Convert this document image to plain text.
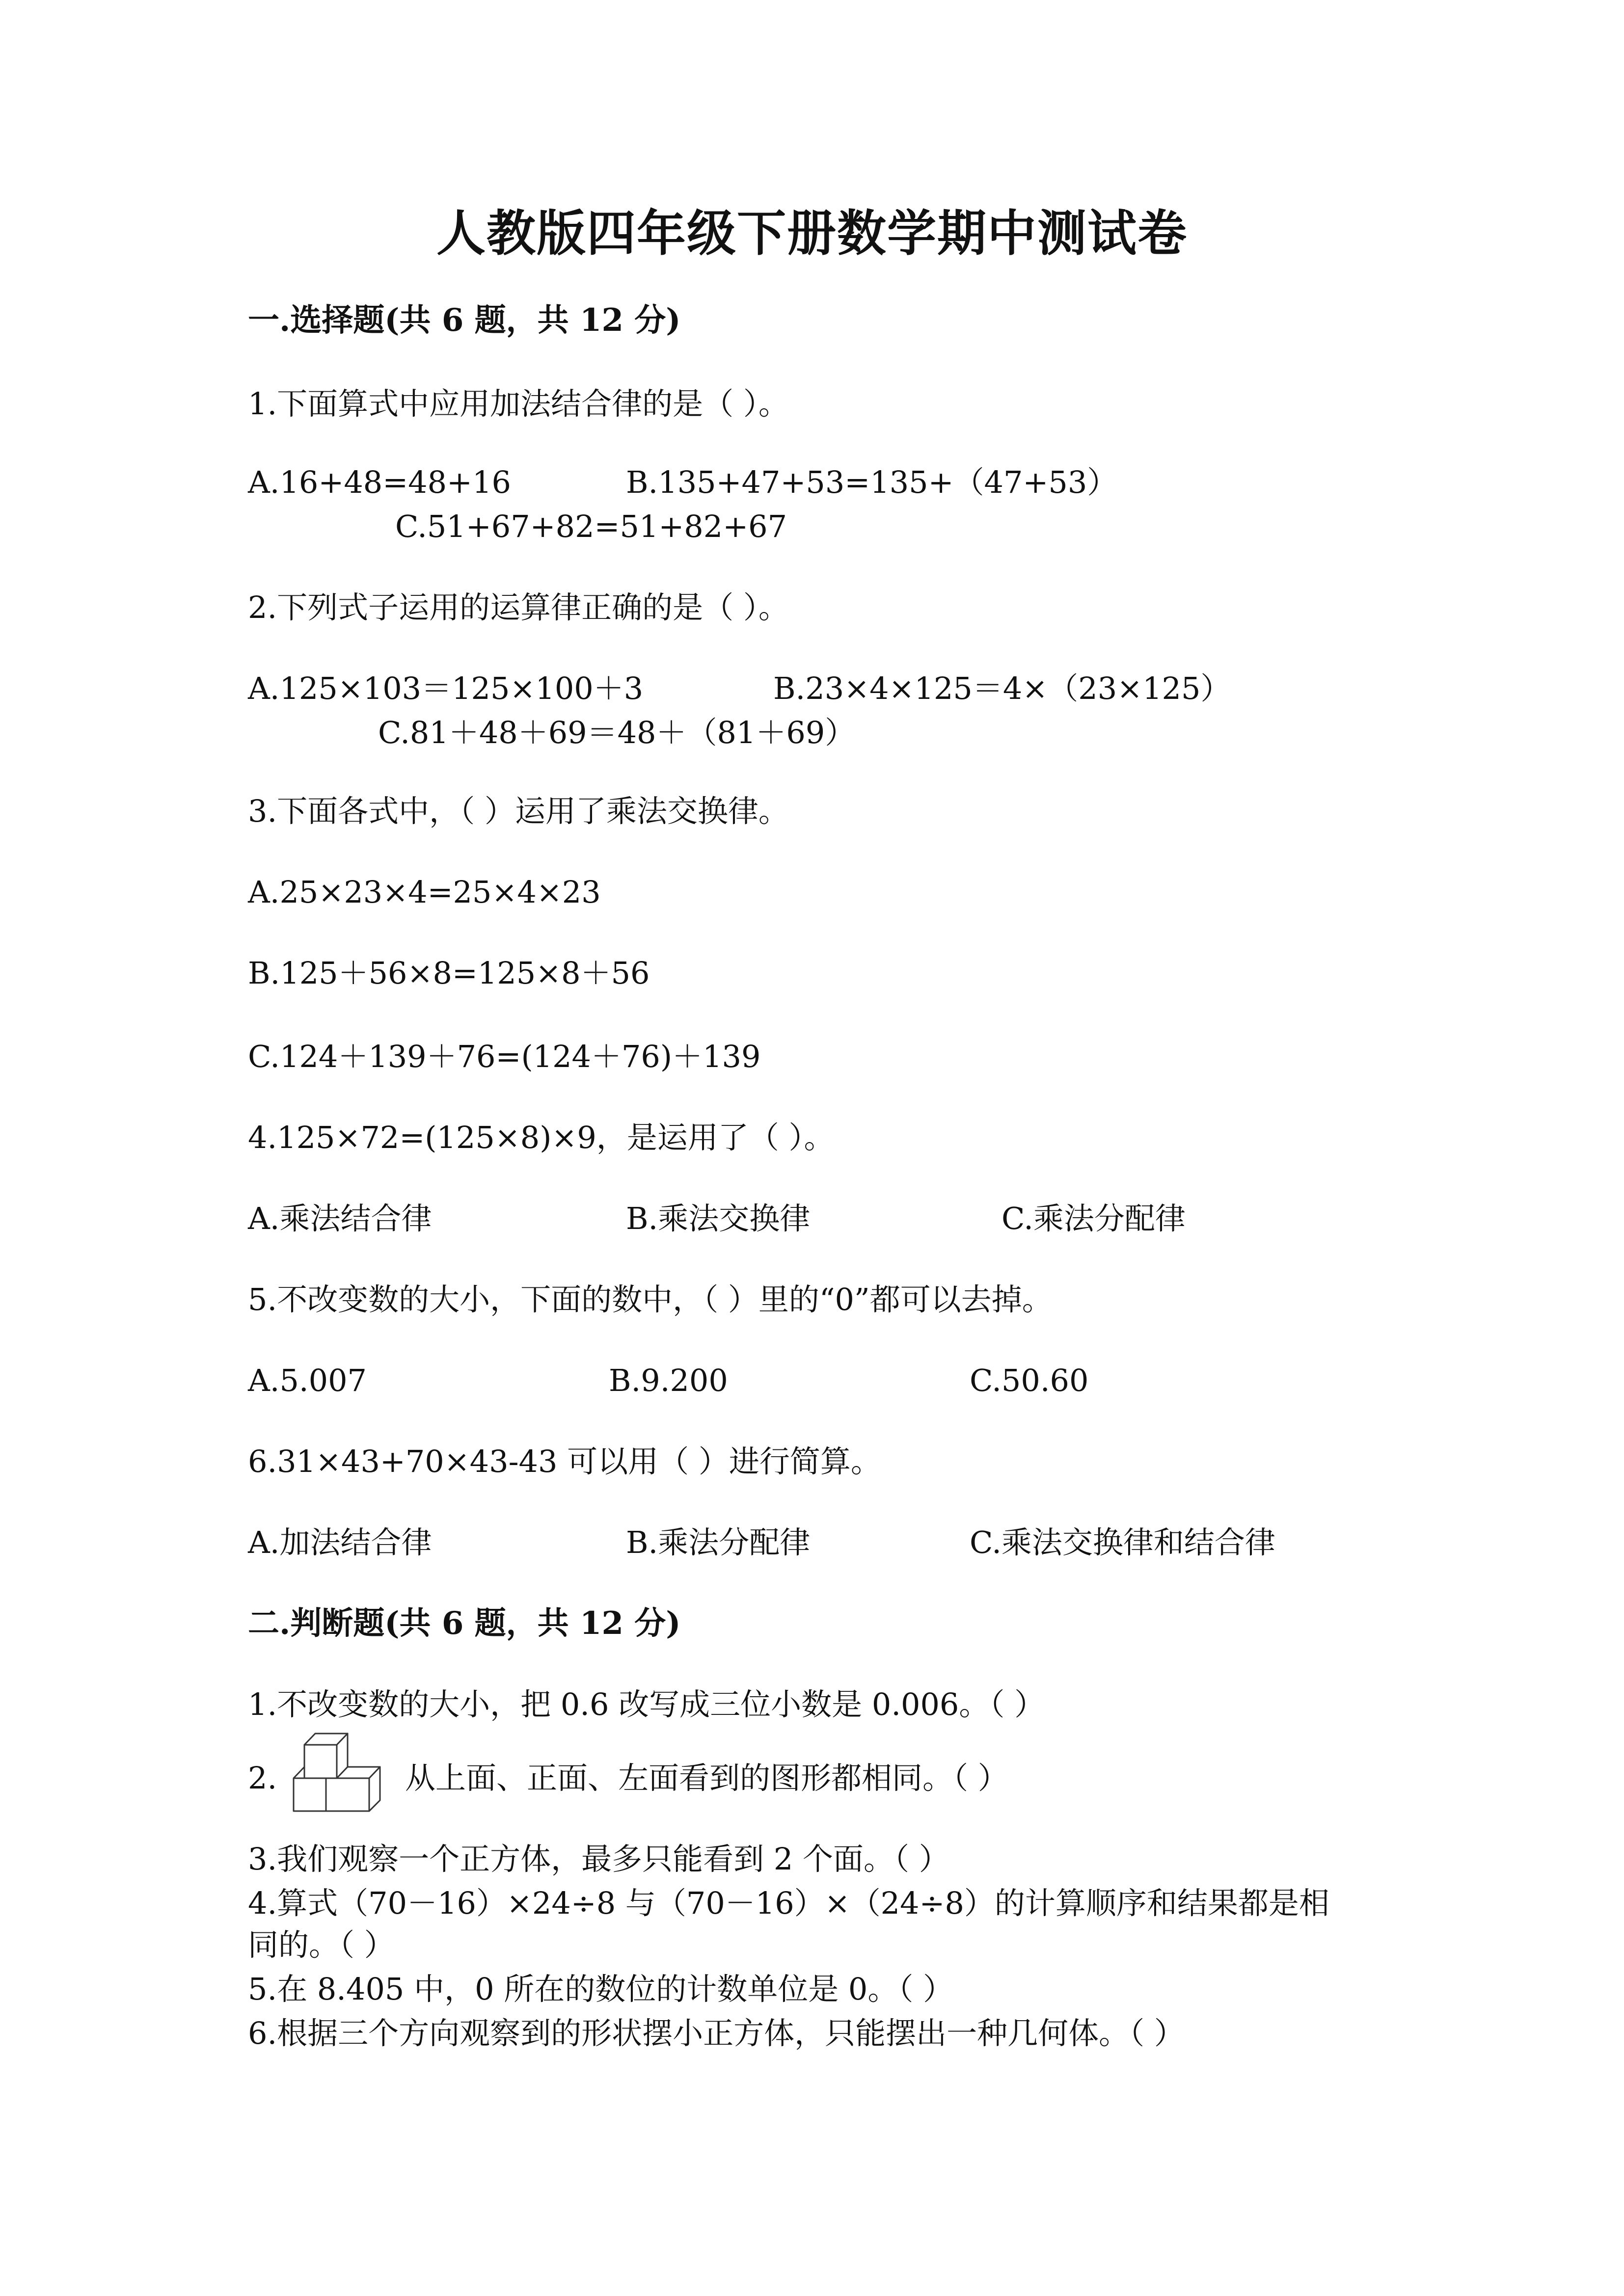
人教版四年级下册数学期中测试卷
一.选择题(共 6 题，共 12 分)
1.下面算式中应用加法结合律的是（ ）。
A.16+48=48+16	B.135+47+53=135+（47+53）
C.51+67+82=51+82+67
2.下列式子运用的运算律正确的是（ ）。
A.125×103＝125×100＋3	B.23×4×125＝4×（23×125）
C.81＋48＋69＝48＋（81＋69）
3.下面各式中，（ ）运用了乘法交换律。
A.25×23×4=25×4×23
B.125＋56×8=125×8＋56
C.124＋139＋76=(124＋76)＋139
4.125×72=(125×8)×9，是运用了（ ）。
A.乘法结合律	B.乘法交换律	C.乘法分配律
5.不改变数的大小，下面的数中，（ ）里的“0”都可以去掉。
A.5.007	B.9.200	C.50.60
6.31×43+70×43-43 可以用（ ）进行简算。
A.加法结合律	B.乘法分配律	C.乘法交换律和结合律
二.判断题(共 6 题，共 12 分)
1.不改变数的大小，把 0.6 改写成三位小数是 0.006。（ ）
2.	从上面、正面、左面看到的图形都相同。（ ）
3.我们观察一个正方体，最多只能看到 2 个面。（ ）
4.算式（70－16）×24÷8 与（70－16）×（24÷8）的计算顺序和结果都是相
同的。（ ）
5.在 8.405 中，0 所在的数位的计数单位是 0。（ ）
6.根据三个方向观察到的形状摆小正方体，只能摆出一种几何体。（ ）
